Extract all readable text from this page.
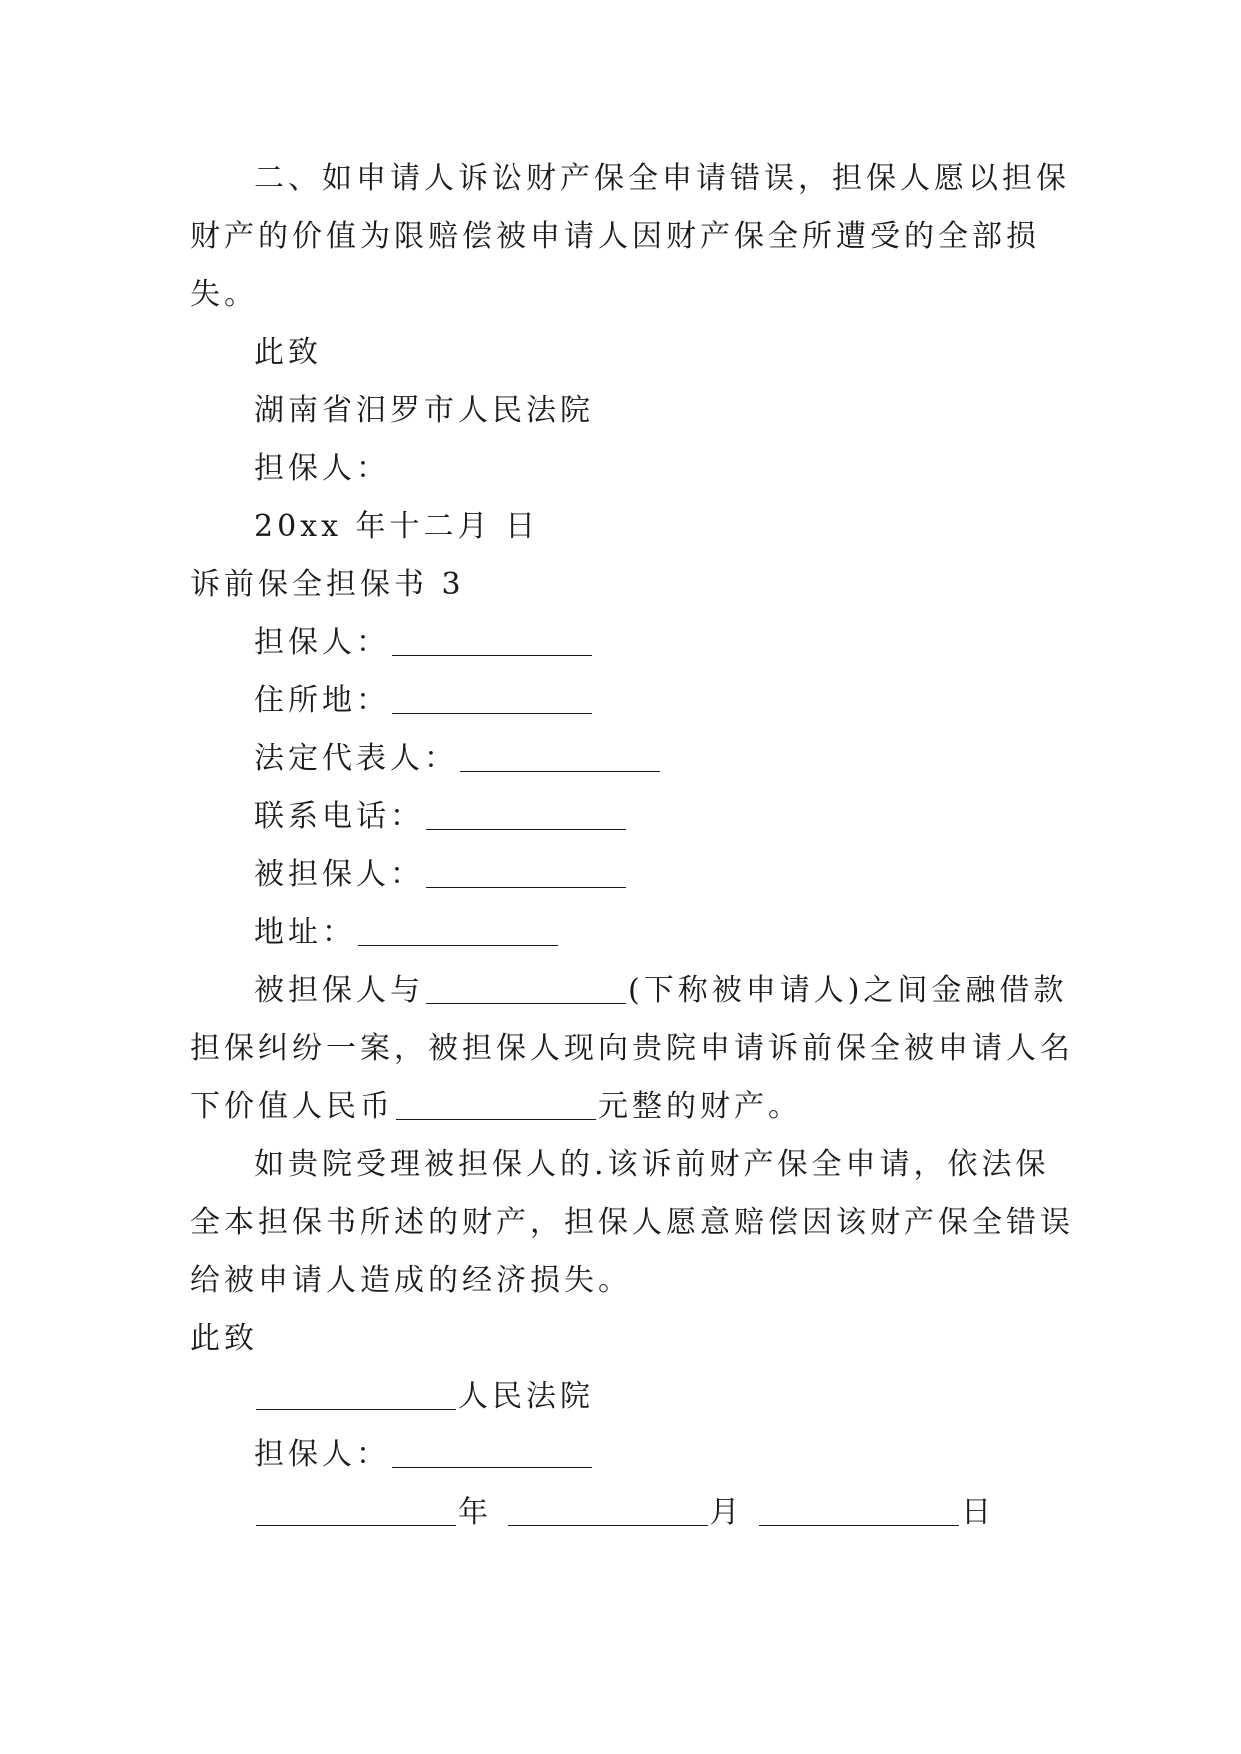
二、如申请人诉讼财产保全申请错误，担保人愿以担保
财产的价值为限赔偿被申请人因财产保全所遭受的全部损
失。
此致
湖南省汨罗市人民法院
担保人：
20xx 年十二月 日
诉前保全担保书 3
担保人：
住所地：
法定代表人：
联系电话：
被担保人：
地址：
被担保人与	(下称被申请人)之间金融借款
担保纠纷一案，被担保人现向贵院申请诉前保全被申请人名
下价值人民币	元整的财产。
如贵院受理被担保人的.该诉前财产保全申请，依法保
全本担保书所述的财产，担保人愿意赔偿因该财产保全错误
给被申请人造成的经济损失。
此致
人民法院
担保人：
年	月	日
